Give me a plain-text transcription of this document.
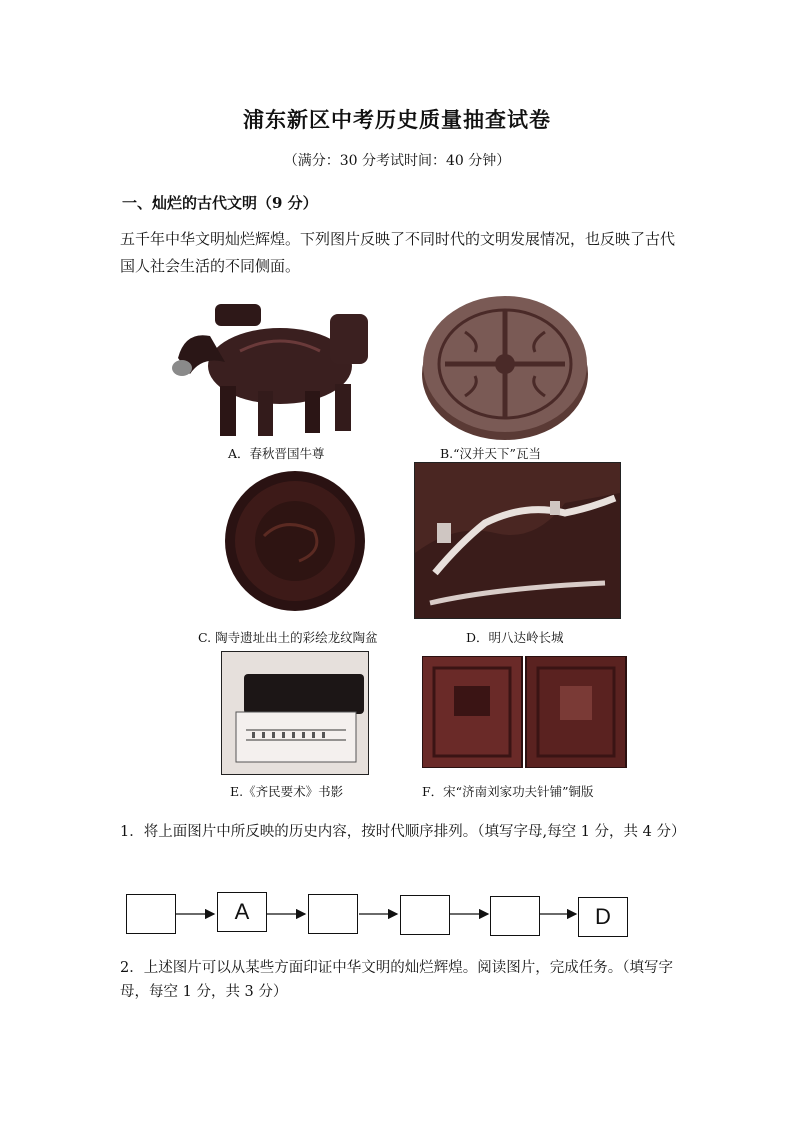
浦东新区中考历史质量抽查试卷
（满分：30 分考试时间：40 分钟）
一、灿烂的古代文明（9 分）
五千年中华文明灿烂辉煌。下列图片反映了不同时代的文明发展情况，也反映了古代国人社会生活的不同侧面。
A．春秋晋国牛尊	B.“汉并天下”瓦当
C. 陶寺遗址出土的彩绘龙纹陶盆	D．明八达岭长城
E.《齐民要术》书影	F．宋“济南刘家功夫针铺”铜版
1．将上面图片中所反映的历史内容，按时代顺序排列。（填写字母,每空 1 分，共 4 分）
A	D
2．上述图片可以从某些方面印证中华文明的灿烂辉煌。阅读图片，完成任务。（填写字母，每空 1 分，共 3 分）
